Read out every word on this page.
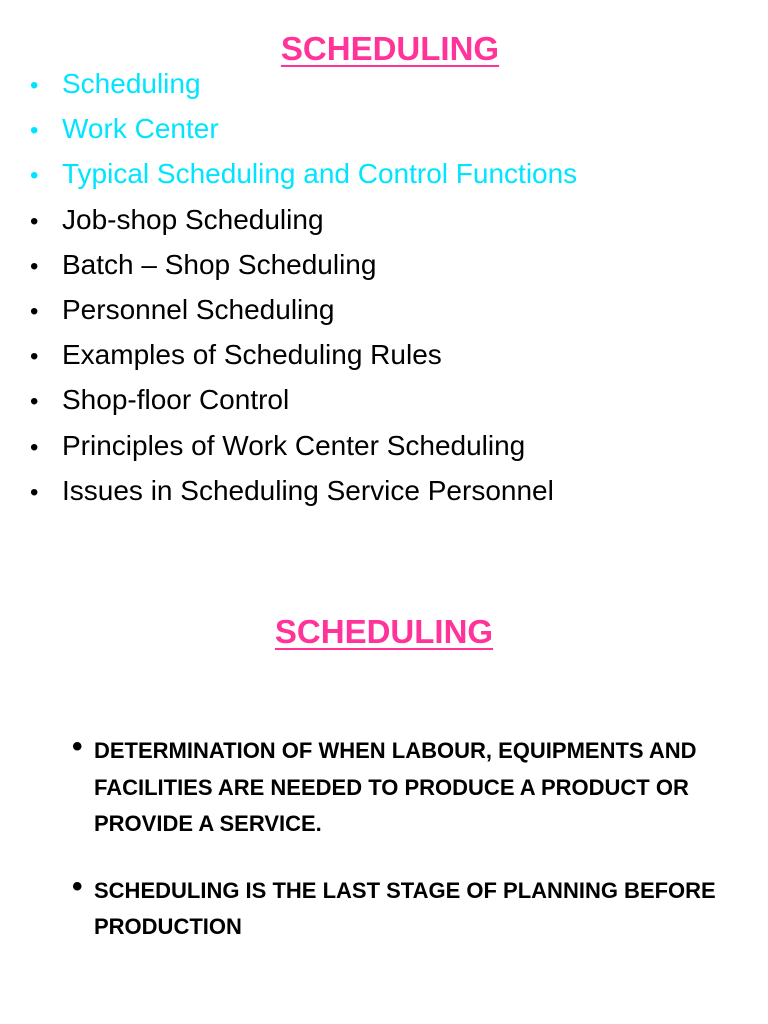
SCHEDULING
• Scheduling
• Work Center
• Typical Scheduling and Control Functions
• Job-shop Scheduling
• Batch – Shop Scheduling
• Personnel Scheduling
• Examples of Scheduling Rules
• Shop-floor Control
• Principles of Work Center Scheduling
• Issues in Scheduling Service Personnel
SCHEDULING
• DETERMINATION OF WHEN LABOUR, EQUIPMENTS AND FACILITIES ARE NEEDED TO PRODUCE A PRODUCT OR PROVIDE A SERVICE.
• SCHEDULING IS THE LAST STAGE OF PLANNING BEFORE PRODUCTION
